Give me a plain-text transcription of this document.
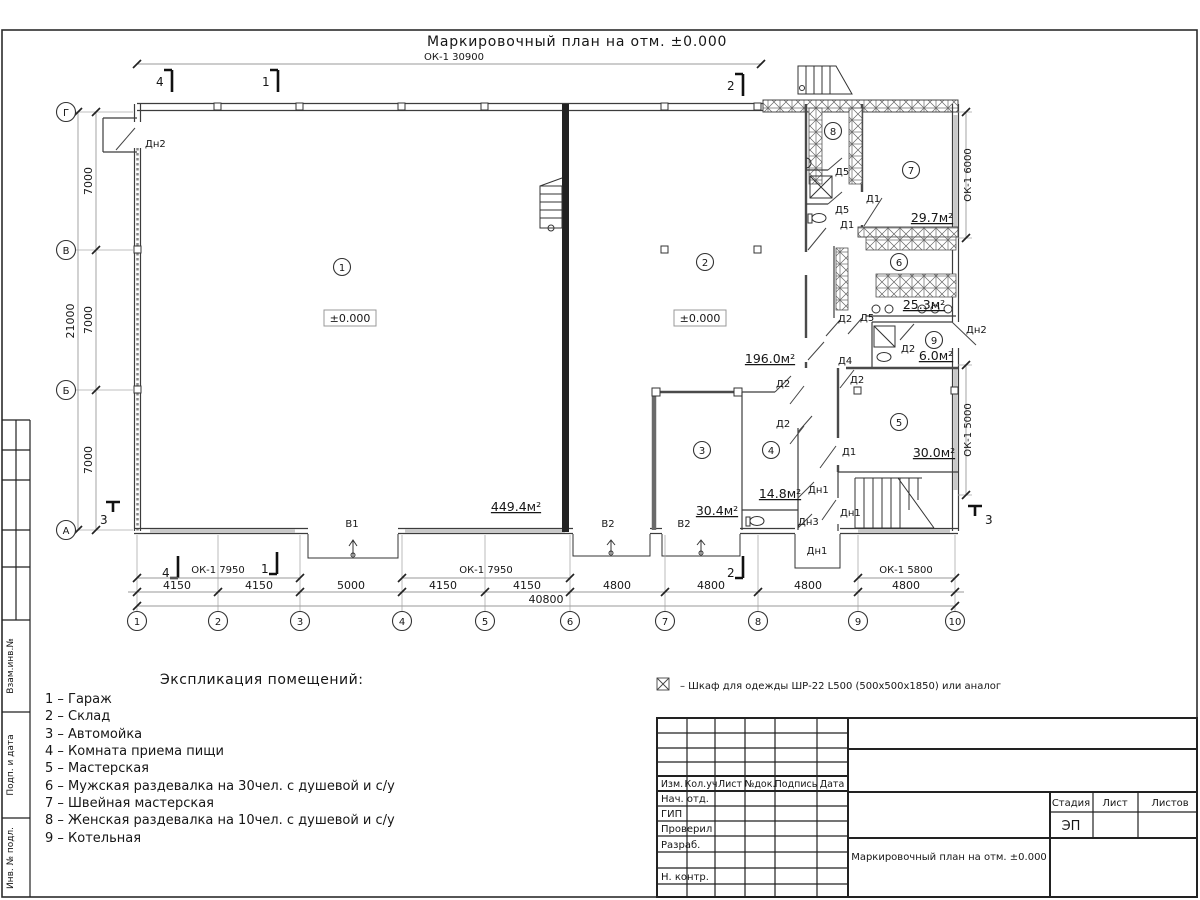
Взам.инв.№
Подп. и дата
Инв. № подл.
Маркировочный план на отм. ±0.000
ОК-1 30900
1	2
3	4
5
6
7
8
9
449.4м²
196.0м²
30.4м²
14.8м²
30.0м²
25.3м²
29.7м²
6.0м²
±0.000	±0.000
Дн2
Д5
Д1
Д5
Д1
Д2
Д2
Д2 Д5
Д2
Д4
Дн2
Д2
Д1
Дн1
Дн1
Дн3
Дн1
В1	В2	В2
4	1	2
4	1	2
3	3
ОК-1 7950	ОК-1 7950	ОК-1 5800
4150	4150	5000	4150	4150	4800	4800	4800	4800
40800
1	2	3	4	5	6	7	8	9	10
7000
7000
7000
21000
Г
В
Б
А
ОК-1 6000
ОК-1 5000
Экспликация помещений:
1 – Гараж
2 – Склад
3 – Автомойка
4 – Комната приема пищи
5 – Мастерская
6 – Мужская раздевалка на 30чел. с душевой и с/у
7 – Швейная мастерская
8 – Женская раздевалка на 10чел. с душевой и с/у
9 – Котельная
– Шкаф для одежды ШР-22 L500 (500х500х1850) или аналог
Изм. Кол.уч Лист №док. Подпись Дата
Нач. отд.
ГИП
Проверил
Разраб.
Н. контр.
Стадия Лист Листов
ЭП
Маркировочный план на отм. ±0.000
